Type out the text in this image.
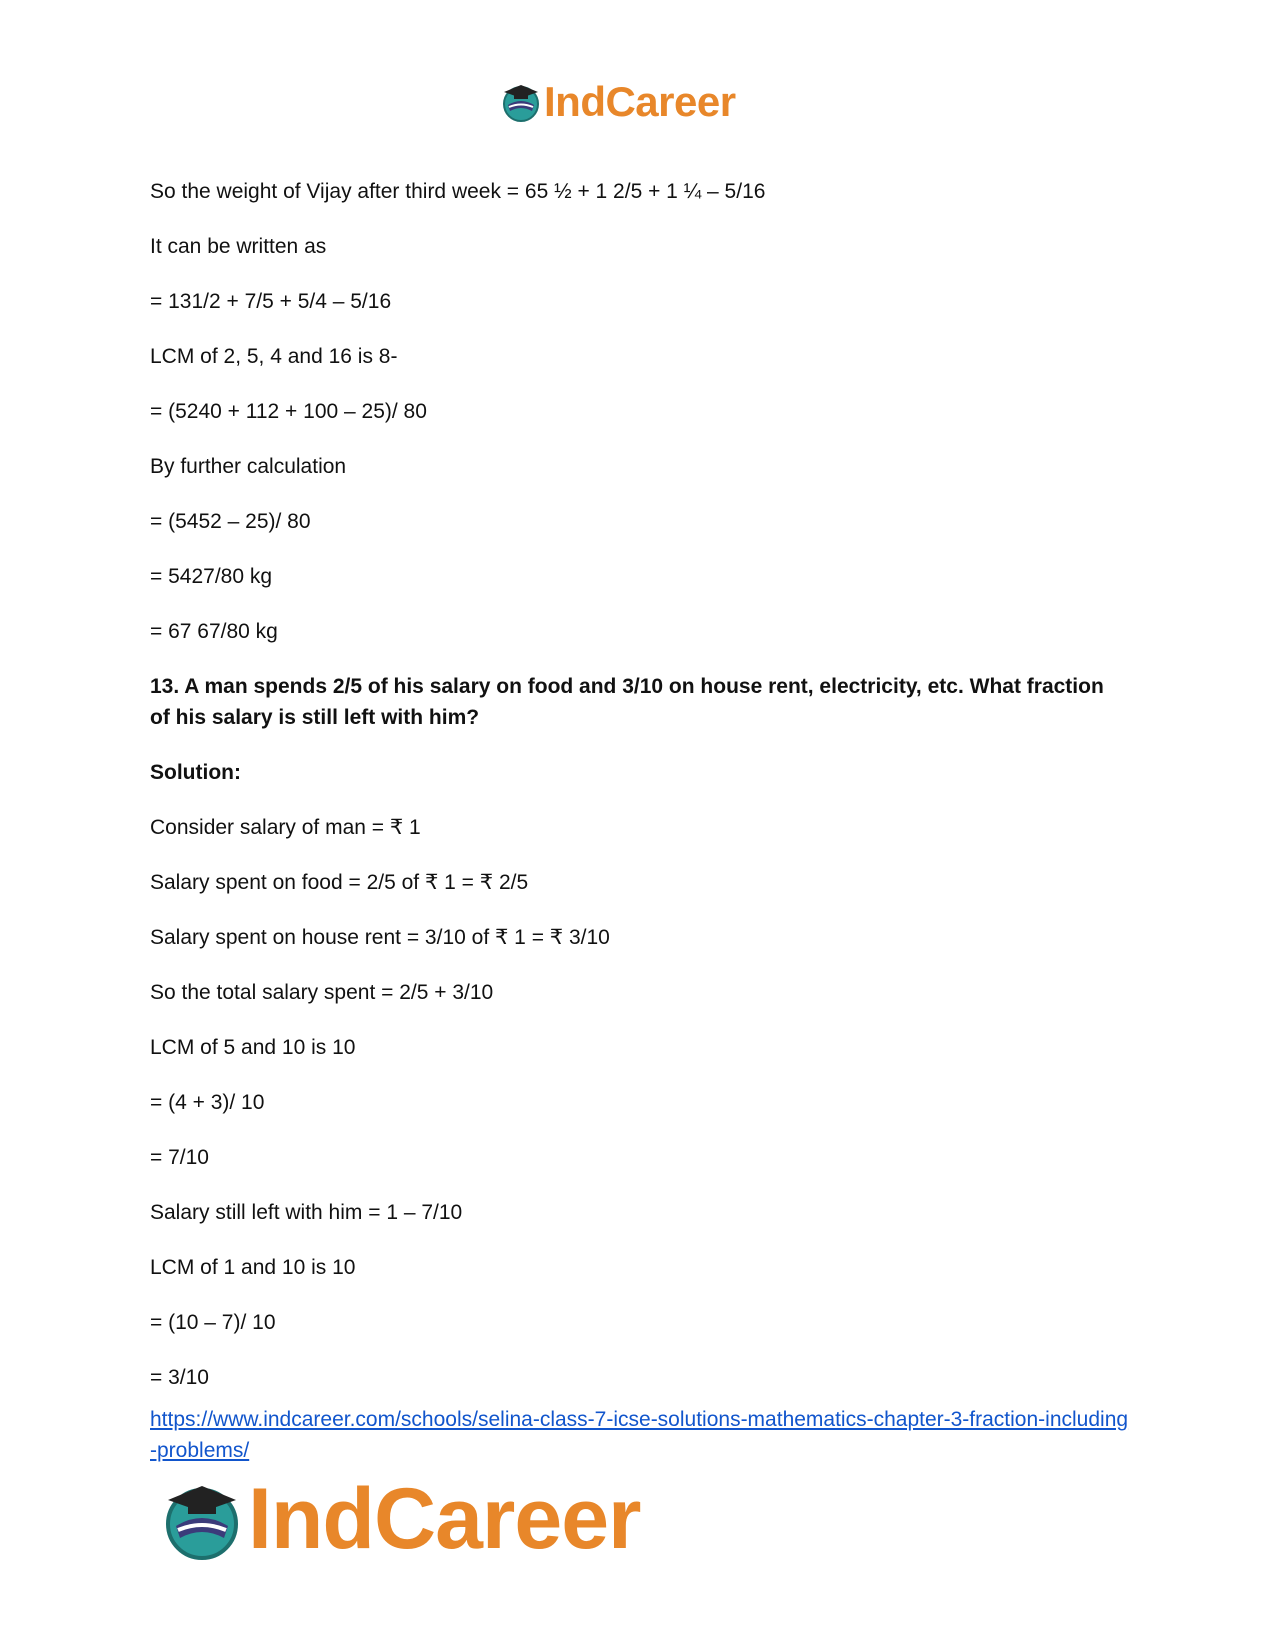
IndCareer
So the weight of Vijay after third week = 65 ½ + 1 2/5 + 1 ¼ – 5/16
It can be written as
= 131/2 + 7/5 + 5/4 – 5/16
LCM of 2, 5, 4 and 16 is 8-
= (5240 + 112 + 100 – 25)/ 80
By further calculation
= (5452 – 25)/ 80
= 5427/80 kg
= 67 67/80 kg
13. A man spends 2/5 of his salary on food and 3/10 on house rent, electricity, etc. What fraction of his salary is still left with him?
Solution:
Consider salary of man = ₹ 1
Salary spent on food = 2/5 of ₹ 1 = ₹ 2/5
Salary spent on house rent = 3/10 of ₹ 1 = ₹ 3/10
So the total salary spent = 2/5 + 3/10
LCM of 5 and 10 is 10
= (4 + 3)/ 10
= 7/10
Salary still left with him = 1 – 7/10
LCM of 1 and 10 is 10
= (10 – 7)/ 10
= 3/10
https://www.indcareer.com/schools/selina-class-7-icse-solutions-mathematics-chapter-3-fraction-including-problems/
IndCareer
